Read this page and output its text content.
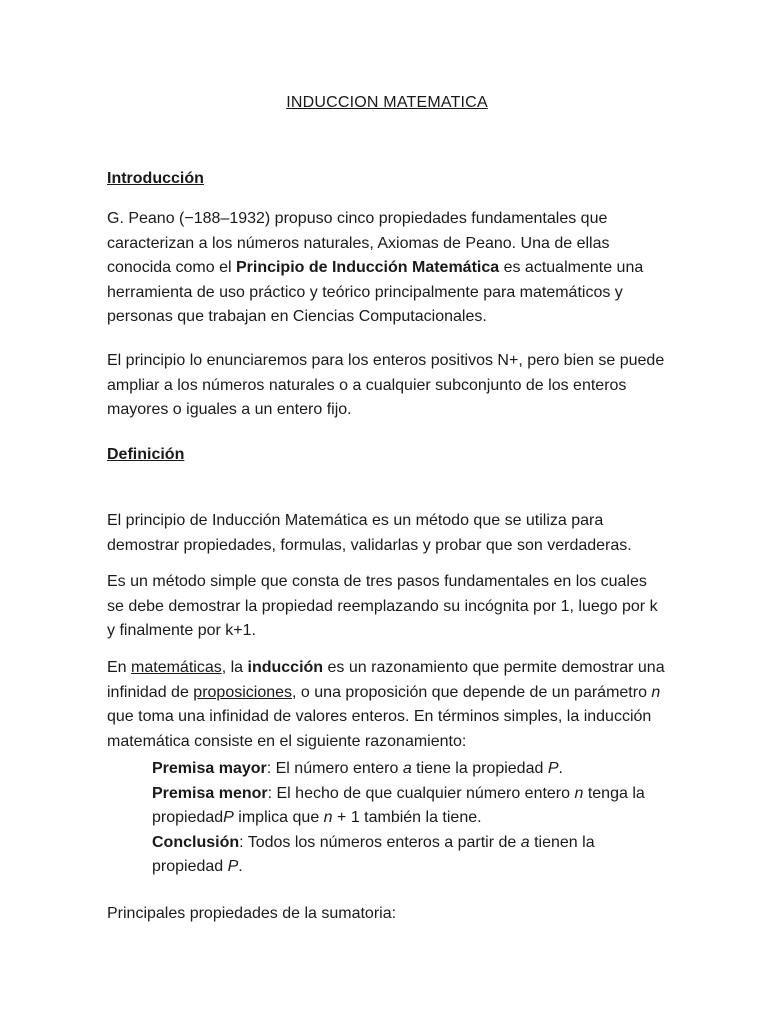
INDUCCION MATEMATICA
Introducción

G. Peano (−188–1932) propuso cinco propiedades fundamentales que caracterizan a los números naturales, Axiomas de Peano. Una de ellas conocida como el Principio de Inducción Matemática es actualmente una herramienta de uso práctico y teórico principalmente para matemáticos y personas que trabajan en Ciencias Computacionales.

El principio lo enunciaremos para los enteros positivos N+, pero bien se puede ampliar a los números naturales o a cualquier subconjunto de los enteros mayores o iguales a un entero fijo.

Definición

El principio de Inducción Matemática es un método que se utiliza para demostrar propiedades, formulas, validarlas y probar que son verdaderas.

Es un método simple que consta de tres pasos fundamentales en los cuales se debe demostrar la propiedad reemplazando su incógnita por 1, luego por k y finalmente por k+1.

En matemáticas, la inducción es un razonamiento que permite demostrar una infinidad de proposiciones, o una proposición que depende de un parámetro n que toma una infinidad de valores enteros. En términos simples, la inducción matemática consiste en el siguiente razonamiento:

Premisa mayor: El número entero a tiene la propiedad P.

Premisa menor: El hecho de que cualquier número entero n tenga la propiedadP implica que n + 1 también la tiene.

Conclusión: Todos los números enteros a partir de a tienen la propiedad P.

Principales propiedades de la sumatoria:
